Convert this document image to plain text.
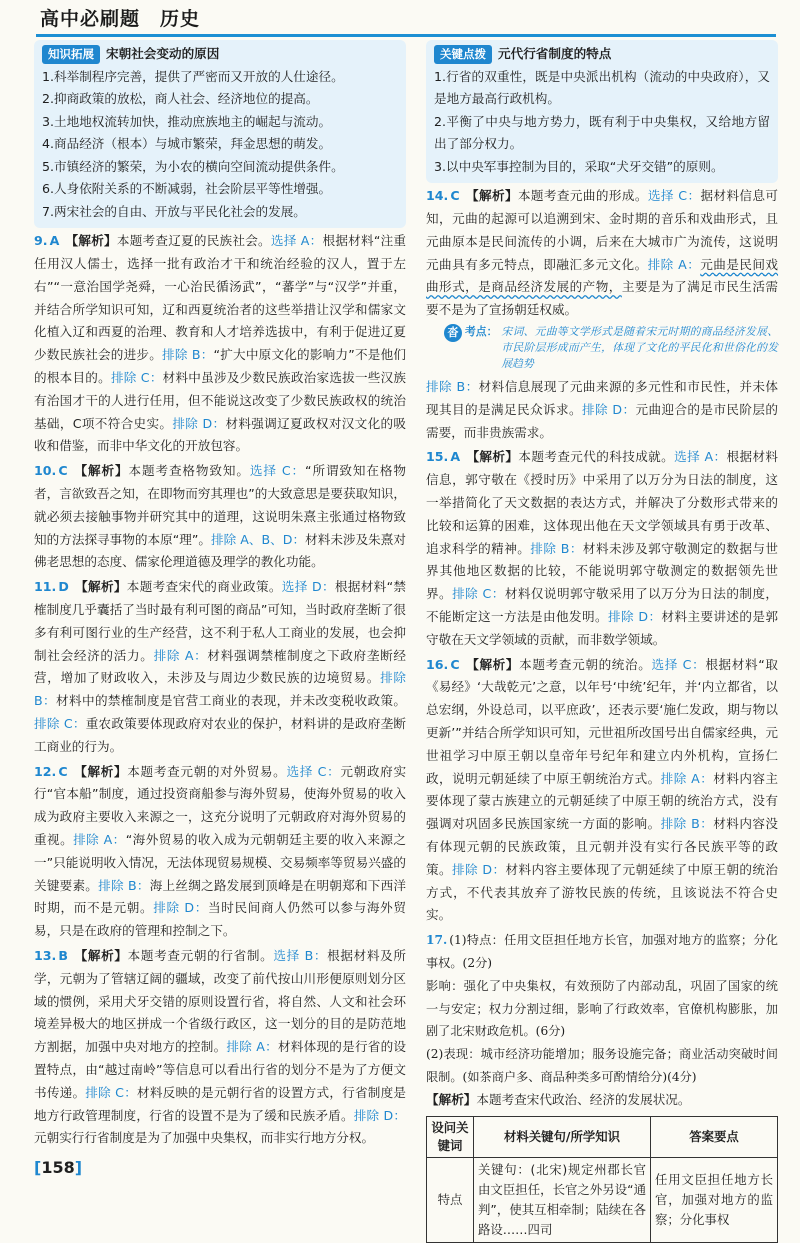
高中必刷题　历史
知识拓展 宋朝社会变动的原因
1.科举制程序完善，提供了严密而又开放的人仕途径。
2.抑商政策的放松，商人社会、经济地位的提高。
3.土地地权流转加快，推动庶族地主的崛起与流动。
4.商品经济（根本）与城市繁荣，拜金思想的萌发。
5.市镇经济的繁荣，为小农的横向空间流动提供条件。
6.人身依附关系的不断减弱，社会阶层平等性增强。
7.两宋社会的自由、开放与平民化社会的发展。
9. A 【解析】本题考查辽夏的民族社会。选择 A：根据材料“注重任用汉人儒士，选择一批有政治才干和统治经验的汉人，置于左右”“一意治国学尧舜，一心治民循汤武”，“蕃学”与“汉学”并重，并结合所学知识可知，辽和西夏统治者的这些举措让汉学和儒家文化植入辽和西夏的治理、教育和人才培养选拔中，有利于促进辽夏少数民族社会的进步。排除 B：“扩大中原文化的影响力”不是他们的根本目的。排除 C：材料中虽涉及少数民族政治家选拔一些汉族有治国才干的人进行任用，但不能说这改变了少数民族政权的统治基础，C项不符合史实。排除 D：材料强调辽夏政权对汉文化的吸收和借鉴，而非中华文化的开放包容。
10. C 【解析】本题考查格物致知。选择 C：“所谓致知在格物者，言欲致吾之知，在即物而穷其理也”的大致意思是要获取知识，就必须去接触事物并研究其中的道理，这说明朱熹主张通过格物致知的方法探寻事物的本原“理”。排除 A、B、D：材料未涉及朱熹对佛老思想的态度、儒家伦理道德及理学的教化功能。
11. D 【解析】本题考查宋代的商业政策。选择 D：根据材料“禁榷制度几乎囊括了当时最有利可图的商品”可知，当时政府垄断了很多有利可图行业的生产经营，这不利于私人工商业的发展，也会抑制社会经济的活力。排除 A：材料强调禁榷制度之下政府垄断经营，增加了财政收入，未涉及与周边少数民族的边境贸易。排除 B：材料中的禁榷制度是官营工商业的表现，并未改变税收政策。排除 C：重农政策要体现政府对农业的保护，材料讲的是政府垄断工商业的行为。
12. C 【解析】本题考查元朝的对外贸易。选择 C：元朝政府实行“官本船”制度，通过投资商船参与海外贸易，使海外贸易的收入成为政府主要收入来源之一，这充分说明了元朝政府对海外贸易的重视。排除 A：“海外贸易的收入成为元朝朝廷主要的收入来源之一”只能说明收入情况，无法体现贸易规模、交易频率等贸易兴盛的关键要素。排除 B：海上丝绸之路发展到顶峰是在明朝郑和下西洋时期，而不是元朝。排除 D：当时民间商人仍然可以参与海外贸易，只是在政府的管理和控制之下。
13. B 【解析】本题考查元朝的行省制。选择 B：根据材料及所学，元朝为了管辖辽阔的疆域，改变了前代按山川形便原则划分区域的惯例，采用犬牙交错的原则设置行省，将自然、人文和社会环境差异极大的地区拼成一个省级行政区，这一划分的目的是防范地方割据，加强中央对地方的控制。排除 A：材料体现的是行省的设置特点，由“越过南岭”等信息可以看出行省的划分不是为了方便文书传递。排除 C：材料反映的是元朝行省的设置方式，行省制度是地方行政管理制度，行省的设置不是为了缓和民族矛盾。排除 D：元朝实行行省制度是为了加强中央集权，而非实行地方分权。
关键点拨 元代行省制度的特点
1.行省的双重性，既是中央派出机构（流动的中央政府），又是地方最高行政机构。
2.平衡了中央与地方势力，既有利于中央集权，又给地方留出了部分权力。
3.以中央军事控制为目的，采取“犬牙交错”的原则。
14. C 【解析】本题考查元曲的形成。选择 C：据材料信息可知，元曲的起源可以追溯到宋、金时期的音乐和戏曲形式，且元曲原本是民间流传的小调，后来在大城市广为流传，这说明元曲具有多元特点，即融汇多元文化。排除 A：元曲是民间戏曲形式，是商品经济发展的产物，主要是为了满足市民生活需要不是为了宣扬朝廷权威。
沓 考点： 宋词、元曲等文学形式是随着宋元时期的商品经济发展、市民阶层形成而产生，体现了文化的平民化和世俗化的发展趋势
排除 B：材料信息展现了元曲来源的多元性和市民性，并未体现其目的是满足民众诉求。排除 D：元曲迎合的是市民阶层的需要，而非贵族需求。
15. A 【解析】本题考查元代的科技成就。选择 A：根据材料信息，郭守敬在《授时历》中采用了以万分为日法的制度，这一举措简化了天文数据的表达方式，并解决了分数形式带来的比较和运算的困难，这体现出他在天文学领域具有勇于改革、追求科学的精神。排除 B：材料未涉及郭守敬测定的数据与世界其他地区数据的比较，不能说明郭守敬测定的数据领先世界。排除 C：材料仅说明郭守敬采用了以万分为日法的制度，不能断定这一方法是由他发明。排除 D：材料主要讲述的是郭守敬在天文学领域的贡献，而非数学领域。
16. C 【解析】本题考查元朝的统治。选择 C：根据材料“取《易经》‘大哉乾元’之意，以年号‘中统’纪年，并‘内立都省，以总宏纲，外设总司，以平庶政’，还表示要‘施仁发政，期与物以更新’”并结合所学知识可知，元世祖所改国号出自儒家经典，元世祖学习中原王朝以皇帝年号纪年和建立内外机构，宣扬仁政，说明元朝延续了中原王朝统治方式。排除 A：材料内容主要体现了蒙古族建立的元朝延续了中原王朝的统治方式，没有强调对巩固多民族国家统一方面的影响。排除 B：材料内容没有体现元朝的民族政策，且元朝并没有实行各民族平等的政策。排除 D：材料内容主要体现了元朝延续了中原王朝的统治方式，不代表其放弃了游牧民族的传统，且该说法不符合史实。
17. (1)特点：任用文臣担任地方长官，加强对地方的监察；分化事权。(2分)
影响：强化了中央集权，有效预防了内部动乱，巩固了国家的统一与安定；权力分割过细，影响了行政效率，官僚机构膨胀，加剧了北宋财政危机。(6分)
(2)表现：城市经济功能增加；服务设施完备；商业活动突破时间限制。(如茶商户多、商品种类多可酌情给分)(4分)
【解析】本题考查宋代政治、经济的发展状况。
设问关键词	材料关键句/所学知识	答案要点
特点	关键句：(北宋)规定州郡长官由文臣担任，长官之外另设“通判”，使其互相牵制；陆续在各路设……四司	任用文臣担任地方长官，加强对地方的监察；分化事权
[158]
